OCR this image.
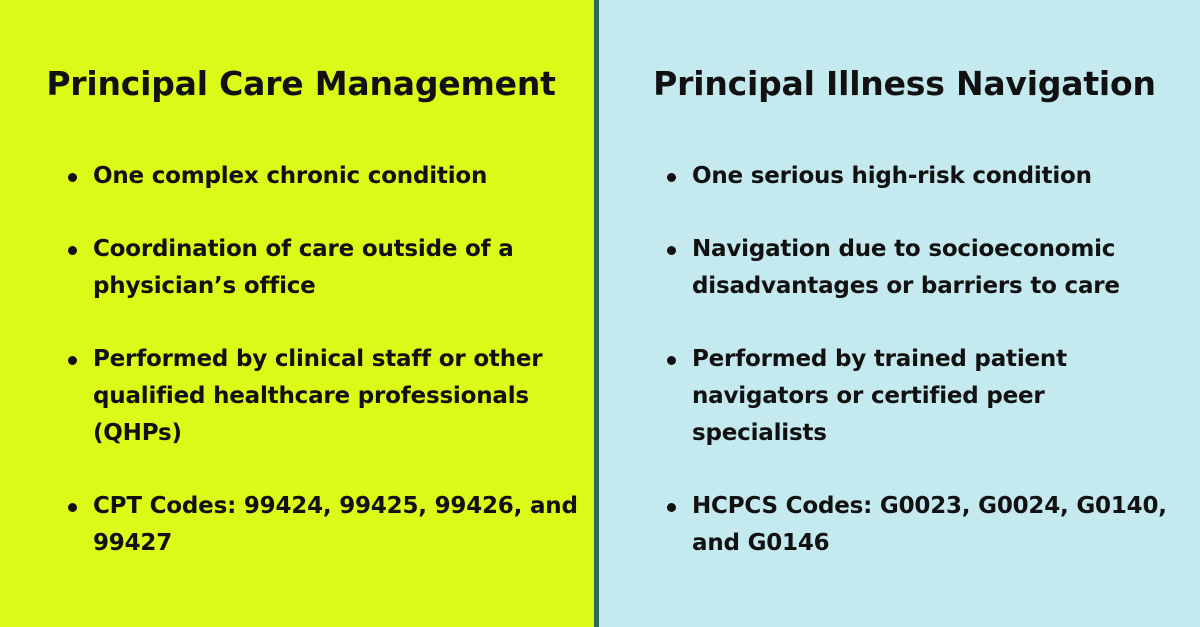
Principal Care Management
One complex chronic condition
Coordination of care outside of a physician’s office
Performed by clinical staff or other qualified healthcare professionals (QHPs)
CPT Codes: 99424, 99425, 99426, and 99427
Principal Illness Navigation
One serious high-risk condition
Navigation due to socioeconomic disadvantages or barriers to care
Performed by trained patient navigators or certified peer specialists
HCPCS Codes: G0023, G0024, G0140, and G0146
